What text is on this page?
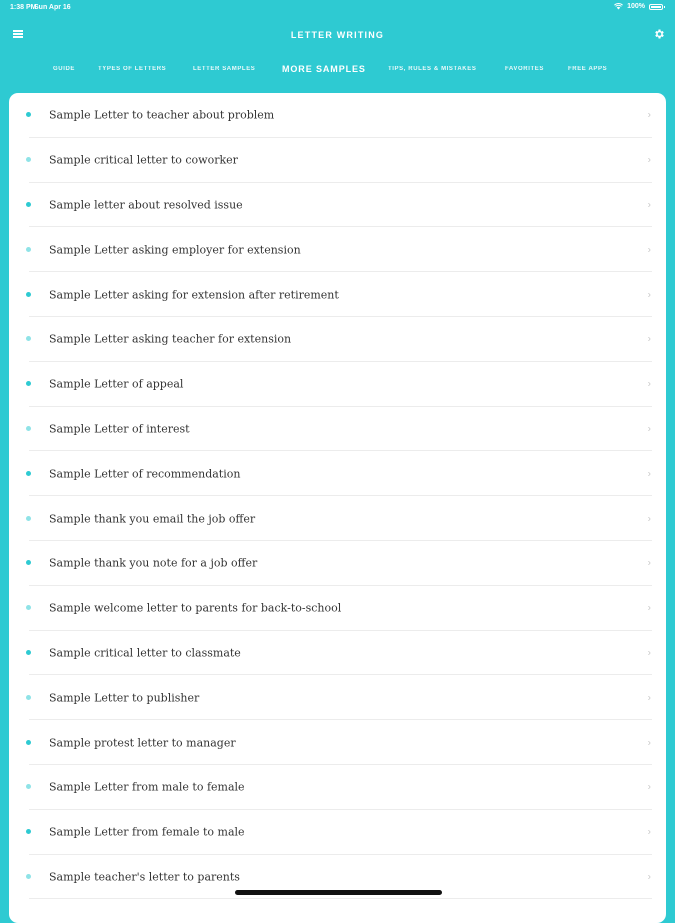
1:38 PM
Sun Apr 16	100%
LETTER WRITING
GUIDE	TYPES OF LETTERS	LETTER SAMPLES	MORE SAMPLES	TIPS, RULES & MISTAKES	FAVORITES	FREE APPS
Sample Letter to teacher about problem	›
Sample critical letter to coworker	›
Sample letter about resolved issue	›
Sample Letter asking employer for extension	›
Sample Letter asking for extension after retirement	›
Sample Letter asking teacher for extension	›
Sample Letter of appeal	›
Sample Letter of interest	›
Sample Letter of recommendation	›
Sample thank you email the job offer	›
Sample thank you note for a job offer	›
Sample welcome letter to parents for back-to-school	›
Sample critical letter to classmate	›
Sample Letter to publisher	›
Sample protest letter to manager	›
Sample Letter from male to female	›
Sample Letter from female to male	›
Sample teacher's letter to parents	›
